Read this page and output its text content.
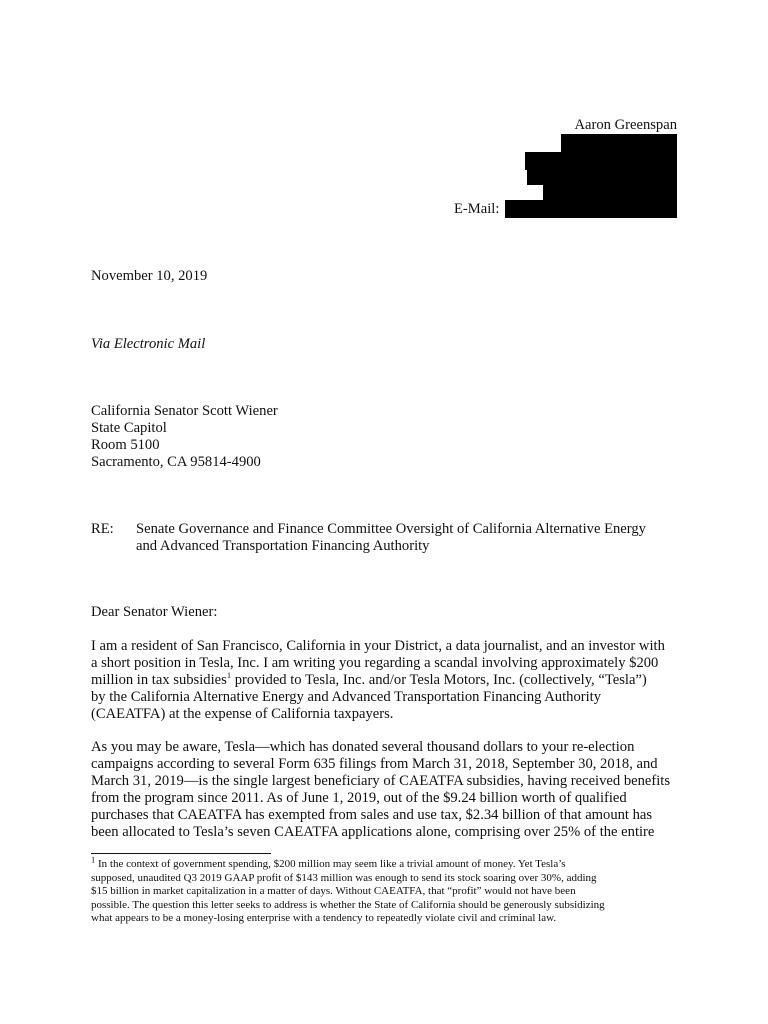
Aaron Greenspan
E-Mail:
November 10, 2019
Via Electronic Mail
California Senator Scott Wiener
State Capitol
Room 5100
Sacramento, CA 95814-4900
RE: Senate Governance and Finance Committee Oversight of California Alternative Energy
and Advanced Transportation Financing Authority
Dear Senator Wiener:
I am a resident of San Francisco, California in your District, a data journalist, and an investor with
a short position in Tesla, Inc. I am writing you regarding a scandal involving approximately $200
million in tax subsidies$^1$ provided to Tesla, Inc. and/or Tesla Motors, Inc. (collectively, “Tesla”)
by the California Alternative Energy and Advanced Transportation Financing Authority
(CAEATFA) at the expense of California taxpayers.
As you may be aware, Tesla—which has donated several thousand dollars to your re-election
campaigns according to several Form 635 filings from March 31, 2018, September 30, 2018, and
March 31, 2019—is the single largest beneficiary of CAEATFA subsidies, having received benefits
from the program since 2011. As of June 1, 2019, out of the $9.24 billion worth of qualified
purchases that CAEATFA has exempted from sales and use tax, $2.34 billion of that amount has
been allocated to Tesla’s seven CAEATFA applications alone, comprising over 25% of the entire
$^1$ In the context of government spending, $200 million may seem like a trivial amount of money. Yet Tesla’s
supposed, unaudited Q3 2019 GAAP profit of $143 million was enough to send its stock soaring over 30%, adding
$15 billion in market capitalization in a matter of days. Without CAEATFA, that “profit” would not have been
possible. The question this letter seeks to address is whether the State of California should be generously subsidizing
what appears to be a money-losing enterprise with a tendency to repeatedly violate civil and criminal law.
